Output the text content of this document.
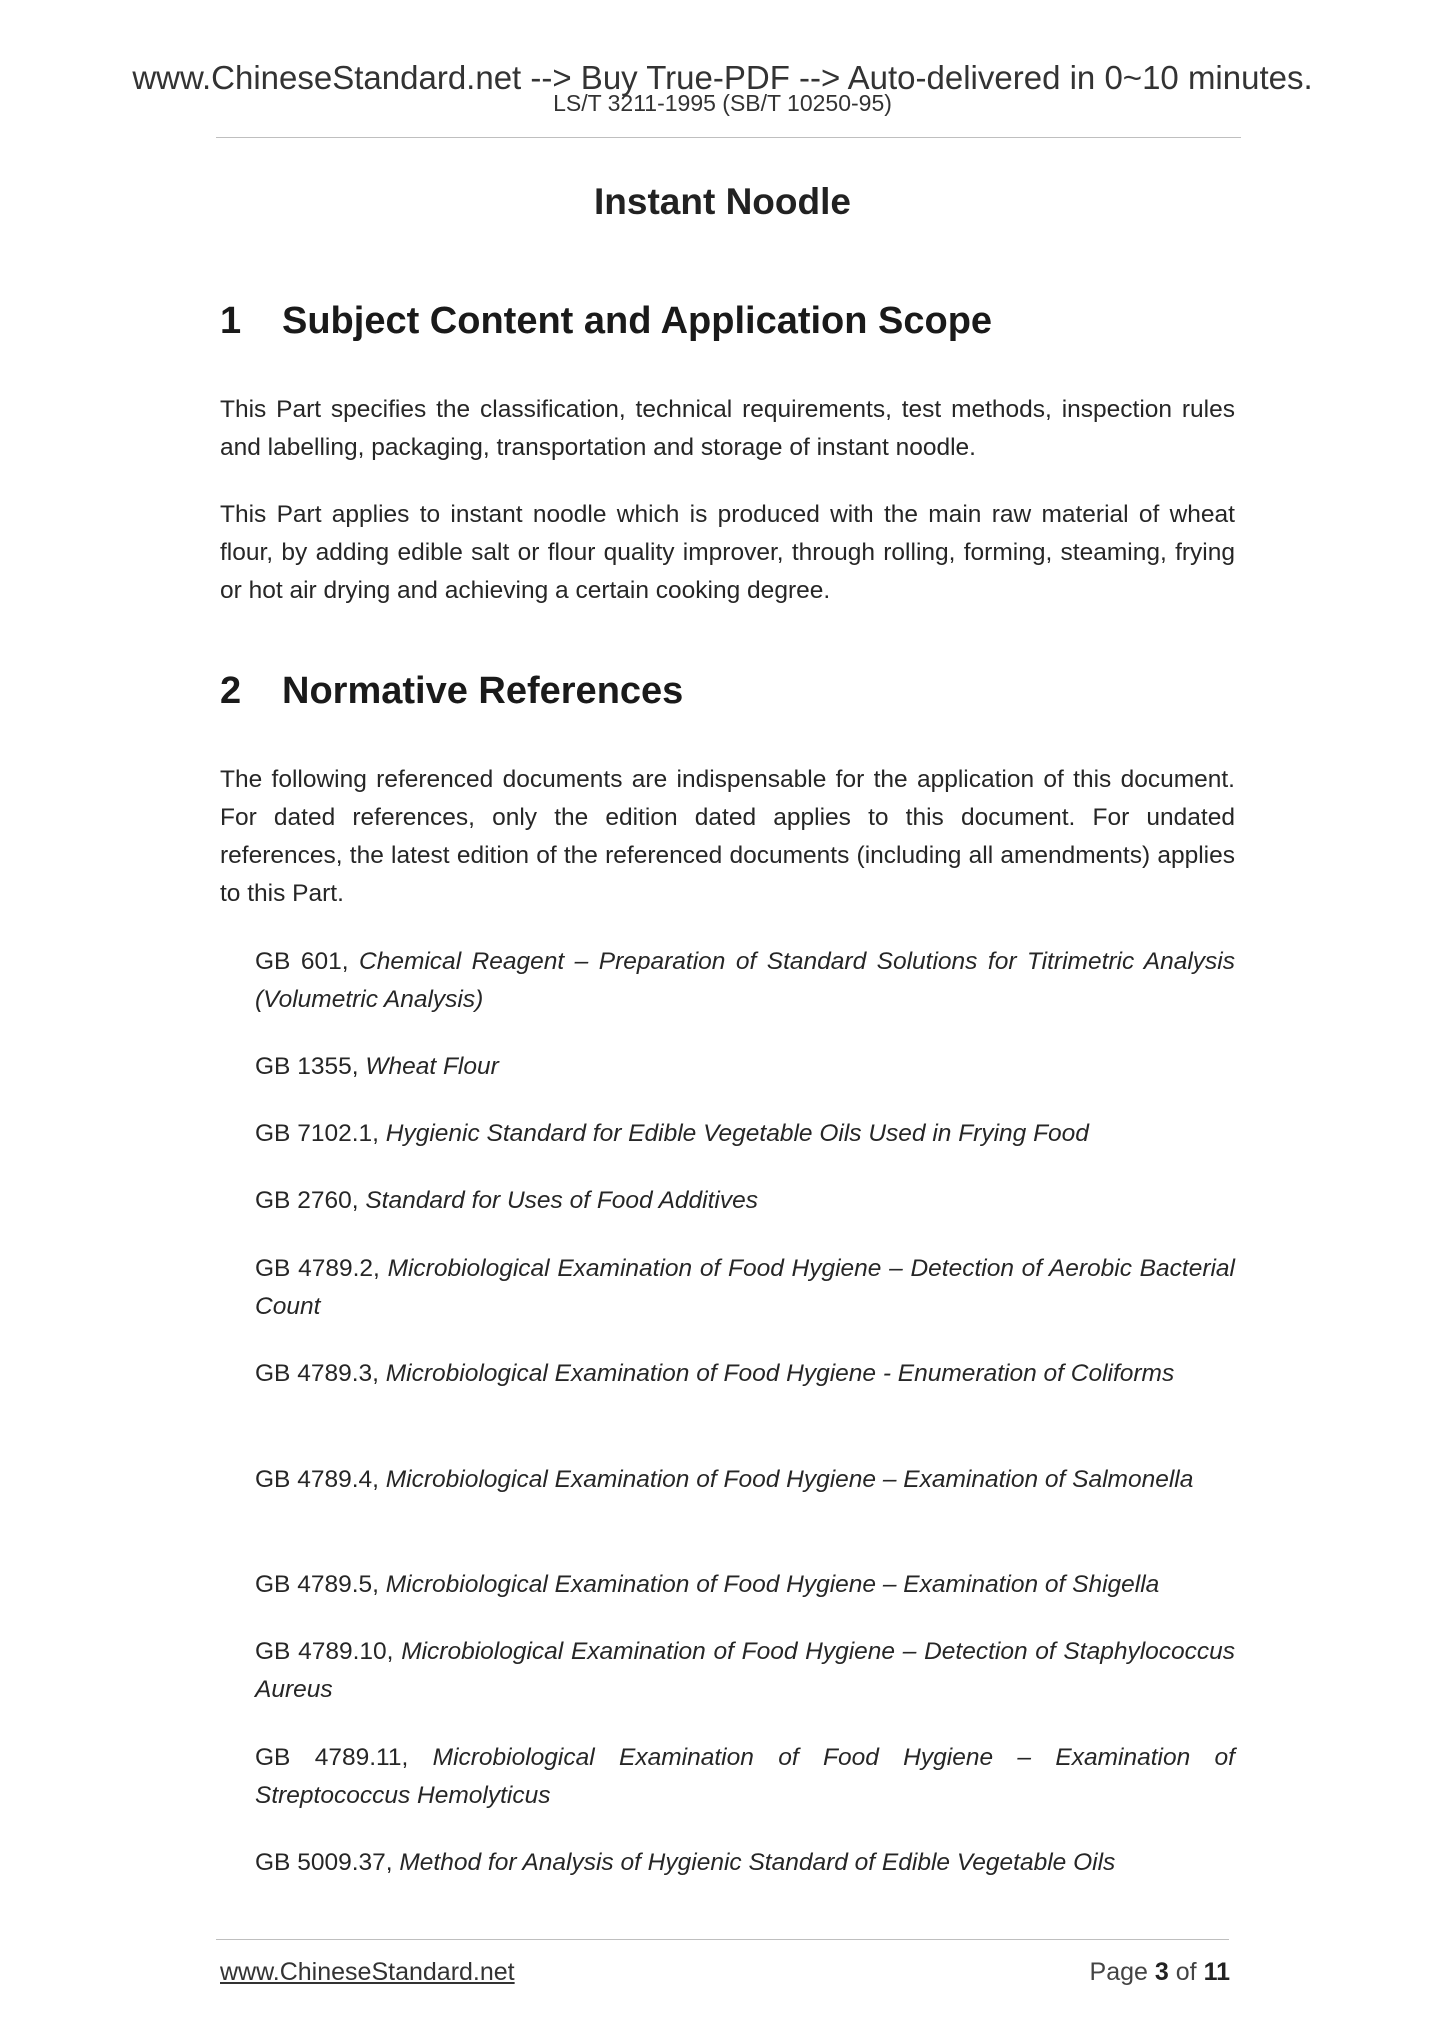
www.ChineseStandard.net --> Buy True-PDF --> Auto-delivered in 0~10 minutes.
LS/T 3211-1995 (SB/T 10250-95)
Instant Noodle
1 Subject Content and Application Scope

This Part specifies the classification, technical requirements, test methods, inspection rules and labelling, packaging, transportation and storage of instant noodle.

This Part applies to instant noodle which is produced with the main raw material of wheat flour, by adding edible salt or flour quality improver, through rolling, forming, steaming, frying or hot air drying and achieving a certain cooking degree.

2 Normative References

The following referenced documents are indispensable for the application of this document. For dated references, only the edition dated applies to this document. For undated references, the latest edition of the referenced documents (including all amendments) applies to this Part.

GB 601, Chemical Reagent – Preparation of Standard Solutions for Titrimetric Analysis (Volumetric Analysis)

GB 1355, Wheat Flour

GB 7102.1, Hygienic Standard for Edible Vegetable Oils Used in Frying Food

GB 2760, Standard for Uses of Food Additives

GB 4789.2, Microbiological Examination of Food Hygiene – Detection of Aerobic Bacterial Count

GB 4789.3, Microbiological Examination of Food Hygiene - Enumeration of Coliforms

GB 4789.4, Microbiological Examination of Food Hygiene – Examination of Salmonella

GB 4789.5, Microbiological Examination of Food Hygiene – Examination of Shigella

GB 4789.10, Microbiological Examination of Food Hygiene – Detection of Staphylococcus Aureus

GB 4789.11, Microbiological Examination of Food Hygiene – Examination of Streptococcus Hemolyticus

GB 5009.37, Method for Analysis of Hygienic Standard of Edible Vegetable Oils

www.ChineseStandard.net	Page 3 of 11
